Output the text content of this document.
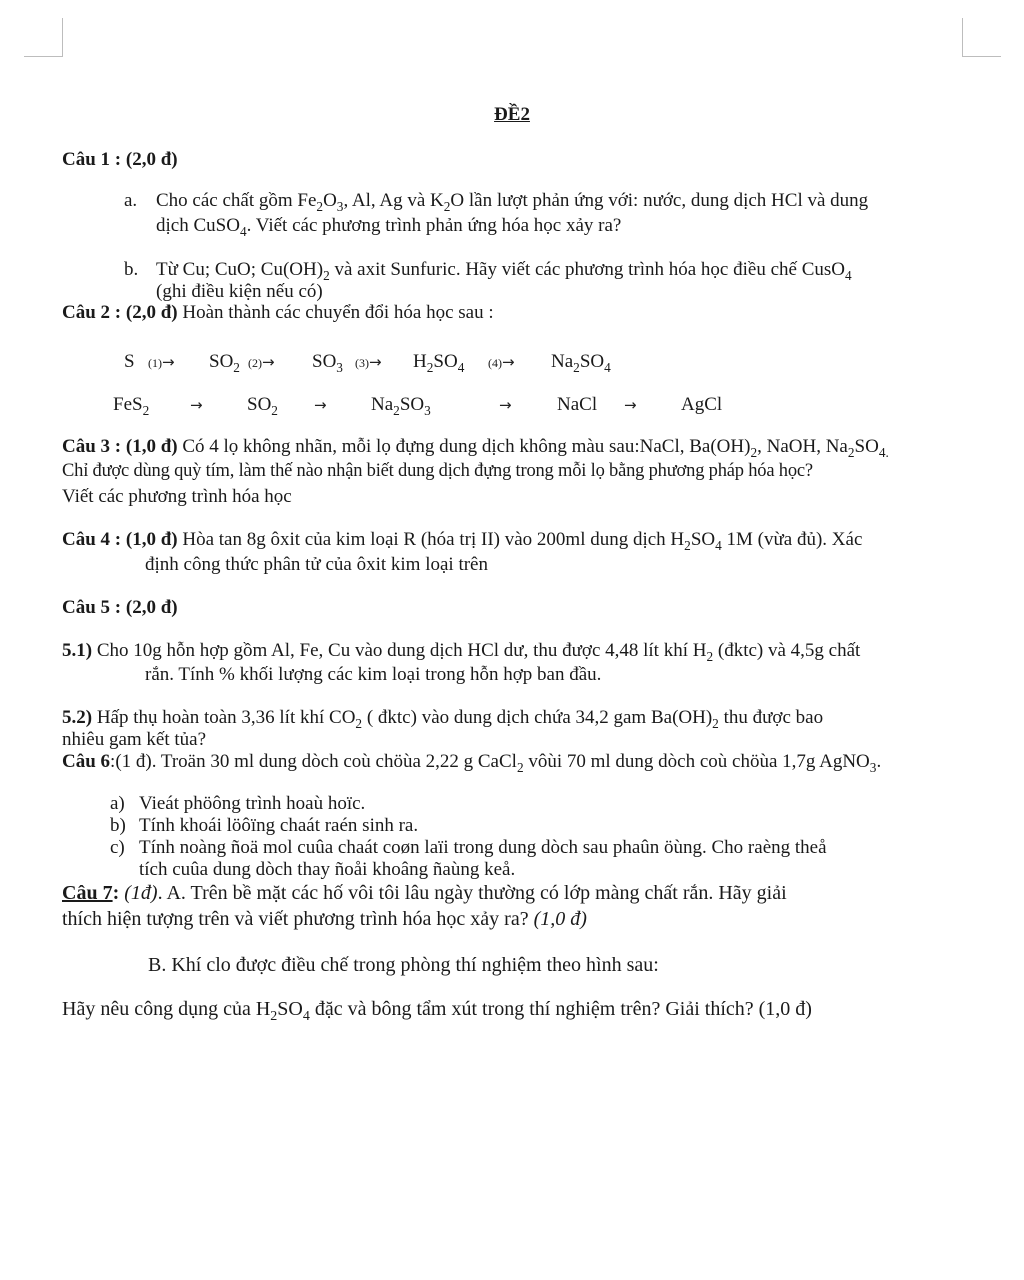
ĐỀ2
Câu 1 : (2,0 đ)
a. Cho các chất gồm $Fe_2O_3$, Al, Ag và $K_2O$ lần lượt phản ứng với: nước, dung dịch HCl và dung
dịch CuSO$_4$. Viết các phương trình phản ứng hóa học xảy ra?
b. Từ Cu; CuO; $Cu(OH)_2$ và axit Sunfuric. Hãy viết các phương trình hóa học điều chế CusO$_4$
(ghi điều kiện nếu có)
Câu 2 : (2,0 đ) Hoàn thành các chuyển đổi hóa học sau :
S $(1)\to SO_2$ $(2)\to SO_3$ $(3)\to H_2SO_4$ $(4)\to Na_2SO_4$
FeS$_2$	→ $SO_2 \to Na_2SO_3$	→ NaCl → AgCl
Câu 3 : (1,0 đ) Có 4 lọ không nhãn, mỗi lọ đựng dung dịch không màu sau:NaCl, $Ba(OH)_2$, NaOH, $Na_2SO_{4.}$
Chỉ được dùng quỳ tím, làm thế nào nhận biết dung dịch đựng trong mỗi lọ bằng phương pháp hóa học?
Viết các phương trình hóa học
Câu 4 : (1,0 đ) Hòa tan 8g ôxit của kim loại R (hóa trị II) vào 200ml dung dịch $H_2SO_4$ 1M (vừa đủ). Xác
định công thức phân tử của ôxit kim loại trên
Câu 5 : (2,0 đ)
5.1) Cho 10g hỗn hợp gồm Al, Fe, Cu vào dung dịch HCl dư, thu được 4,48 lít khí $H_2$ (đktc) và 4,5g chất
rắn. Tính % khối lượng các kim loại trong hỗn hợp ban đầu.
5.2) Hấp thụ hoàn toàn 3,36 lít khí $CO_2$ ( đktc) vào dung dịch chứa 34,2 gam $Ba(OH)_2$ thu được bao
nhiêu gam kết tủa?
Câu 6:(1 đ). Troän 30 ml dung dòch coù chöùa 2,22 g CaCl$_2$ vôùi 70 ml dung dòch coù chöùa 1,7g AgNO$_3$.
a) Vieát phöông trình hoaù hoïc.
b) Tính khoái löôïng chaát raén sinh ra.
c) Tính noàng ñoä mol cuûa chaát coøn laïi trong dung dòch sau phaûn öùng. Cho raèng theå
tích cuûa dung dòch thay ñoåi khoâng ñaùng keå.
Câu 7: (1đ). A. Trên bề mặt các hố vôi tôi lâu ngày thường có lớp màng chất rắn. Hãy giải
thích hiện tượng trên và viết phương trình hóa học xảy ra? (1,0 đ)
B. Khí clo được điều chế trong phòng thí nghiệm theo hình sau:
Hãy nêu công dụng của $H_2SO_4$ đặc và bông tẩm xút trong thí nghiệm trên? Giải thích? (1,0 đ)
